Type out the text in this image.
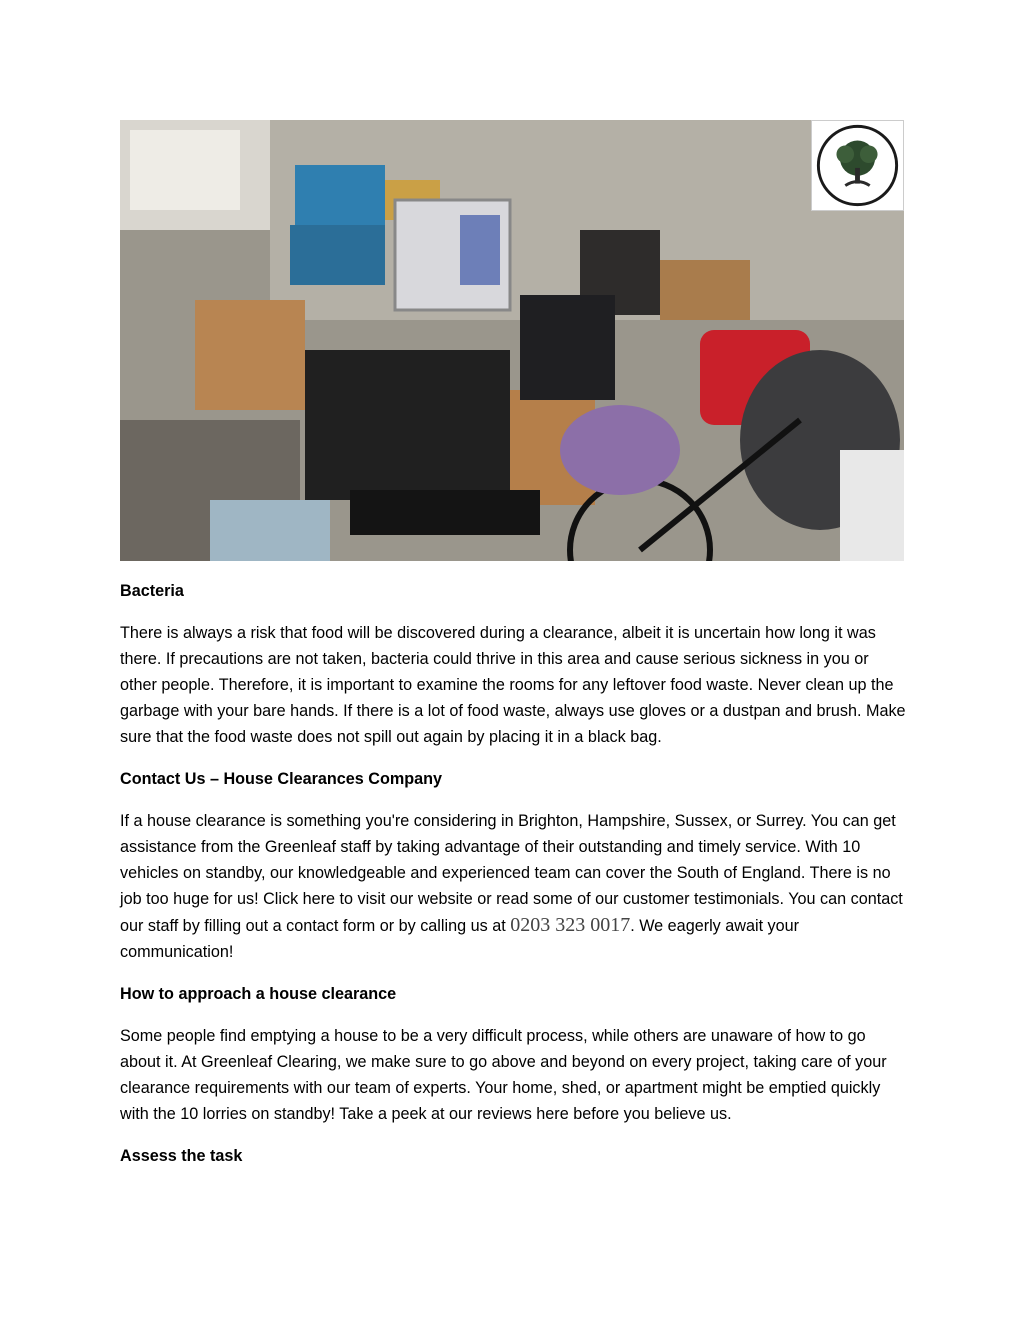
Bacteria

There is always a risk that food will be discovered during a clearance, albeit it is uncertain how long it was there. If precautions are not taken, bacteria could thrive in this area and cause serious sickness in you or other people. Therefore, it is important to examine the rooms for any leftover food waste. Never clean up the garbage with your bare hands. If there is a lot of food waste, always use gloves or a dustpan and brush. Make sure that the food waste does not spill out again by placing it in a black bag.

Contact Us – House Clearances Company

If a house clearance is something you're considering in Brighton, Hampshire, Sussex, or Surrey. You can get assistance from the Greenleaf staff by taking advantage of their outstanding and timely service. With 10 vehicles on standby, our knowledgeable and experienced team can cover the South of England. There is no job too huge for us! Click here to visit our website or read some of our customer testimonials. You can contact our staff by filling out a contact form or by calling us at 0203 323 0017. We eagerly await your communication!

How to approach a house clearance

Some people find emptying a house to be a very difficult process, while others are unaware of how to go about it. At Greenleaf Clearing, we make sure to go above and beyond on every project, taking care of your clearance requirements with our team of experts. Your home, shed, or apartment might be emptied quickly with the 10 lorries on standby! Take a peek at our reviews here before you believe us.

Assess the task
